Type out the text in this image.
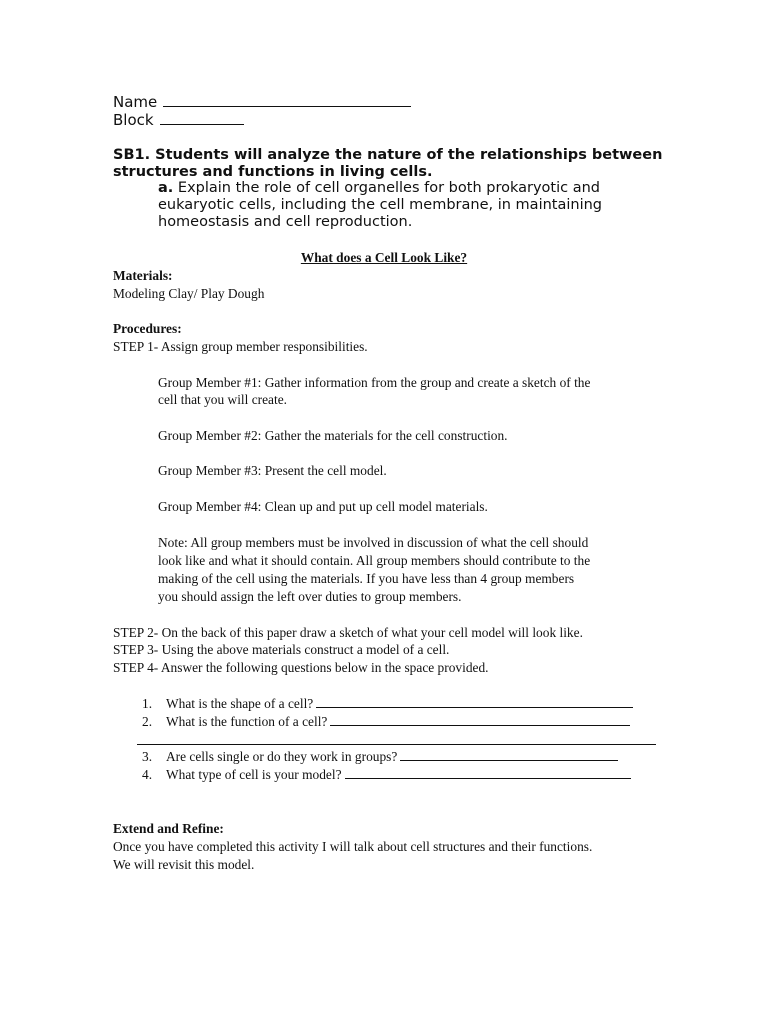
Name
Block
SB1. Students will analyze the nature of the relationships between
structures and functions in living cells.
a. Explain the role of cell organelles for both prokaryotic and
eukaryotic cells, including the cell membrane, in maintaining
homeostasis and cell reproduction.
What does a Cell Look Like?
Materials:
Modeling Clay/ Play Dough
Procedures:
STEP 1- Assign group member responsibilities.
Group Member #1: Gather information from the group and create a sketch of the
cell that you will create.
Group Member #2: Gather the materials for the cell construction.
Group Member #3: Present the cell model.
Group Member #4: Clean up and put up cell model materials.
Note: All group members must be involved in discussion of what the cell should
look like and what it should contain. All group members should contribute to the
making of the cell using the materials. If you have less than 4 group members
you should assign the left over duties to group members.
STEP 2- On the back of this paper draw a sketch of what your cell model will look like.
STEP 3- Using the above materials construct a model of a cell.
STEP 4- Answer the following questions below in the space provided.
1. What is the shape of a cell?
2. What is the function of a cell?
3. Are cells single or do they work in groups?
4. What type of cell is your model?
Extend and Refine:
Once you have completed this activity I will talk about cell structures and their functions.
We will revisit this model.
